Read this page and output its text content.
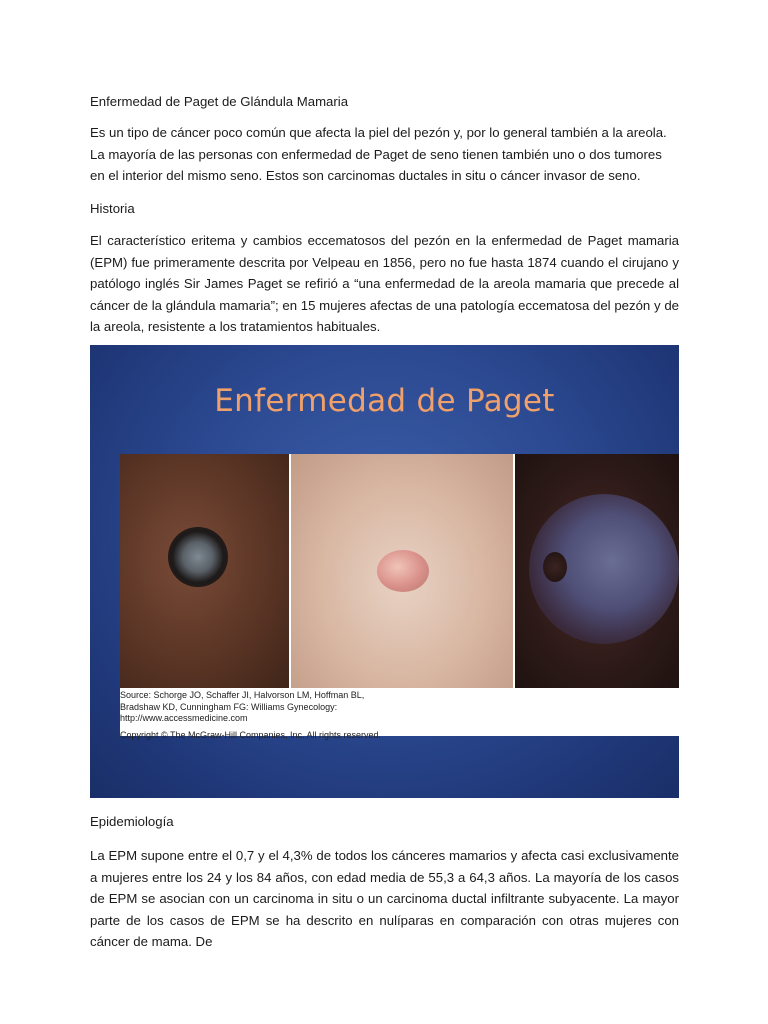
Enfermedad de Paget de Glándula Mamaria

Es un tipo de cáncer poco común que afecta la piel del pezón y, por lo general también a la areola. La mayoría de las personas con enfermedad de Paget de seno tienen también uno o dos tumores en el interior del mismo seno. Estos son carcinomas ductales in situ o cáncer invasor de seno.

Historia

El característico eritema y cambios eccematosos del pezón en la enfermedad de Paget mamaria (EPM) fue primeramente descrita por Velpeau en 1856, pero no fue hasta 1874 cuando el cirujano y patólogo inglés Sir James Paget se refirió a “una enfermedad de la areola mamaria que precede al cáncer de la glándula mamaria”; en 15 mujeres afectas de una patología eccematosa del pezón y de la areola, resistente a los tratamientos habituales.

Enfermedad de Paget
Source: Schorge JO, Schaffer JI, Halvorson LM, Hoffman BL,
Bradshaw KD, Cunningham FG: Williams Gynecology:
http://www.accessmedicine.com
Copyright © The McGraw-Hill Companies, Inc. All rights reserved.

Epidemiología

La EPM supone entre el 0,7 y el 4,3% de todos los cánceres mamarios y afecta casi exclusivamente a mujeres entre los 24 y los 84 años, con edad media de 55,3 a 64,3 años. La mayoría de los casos de EPM se asocian con un carcinoma in situ o un carcinoma ductal infiltrante subyacente. La mayor parte de los casos de EPM se ha descrito en nulíparas en comparación con otras mujeres con cáncer de mama. De
